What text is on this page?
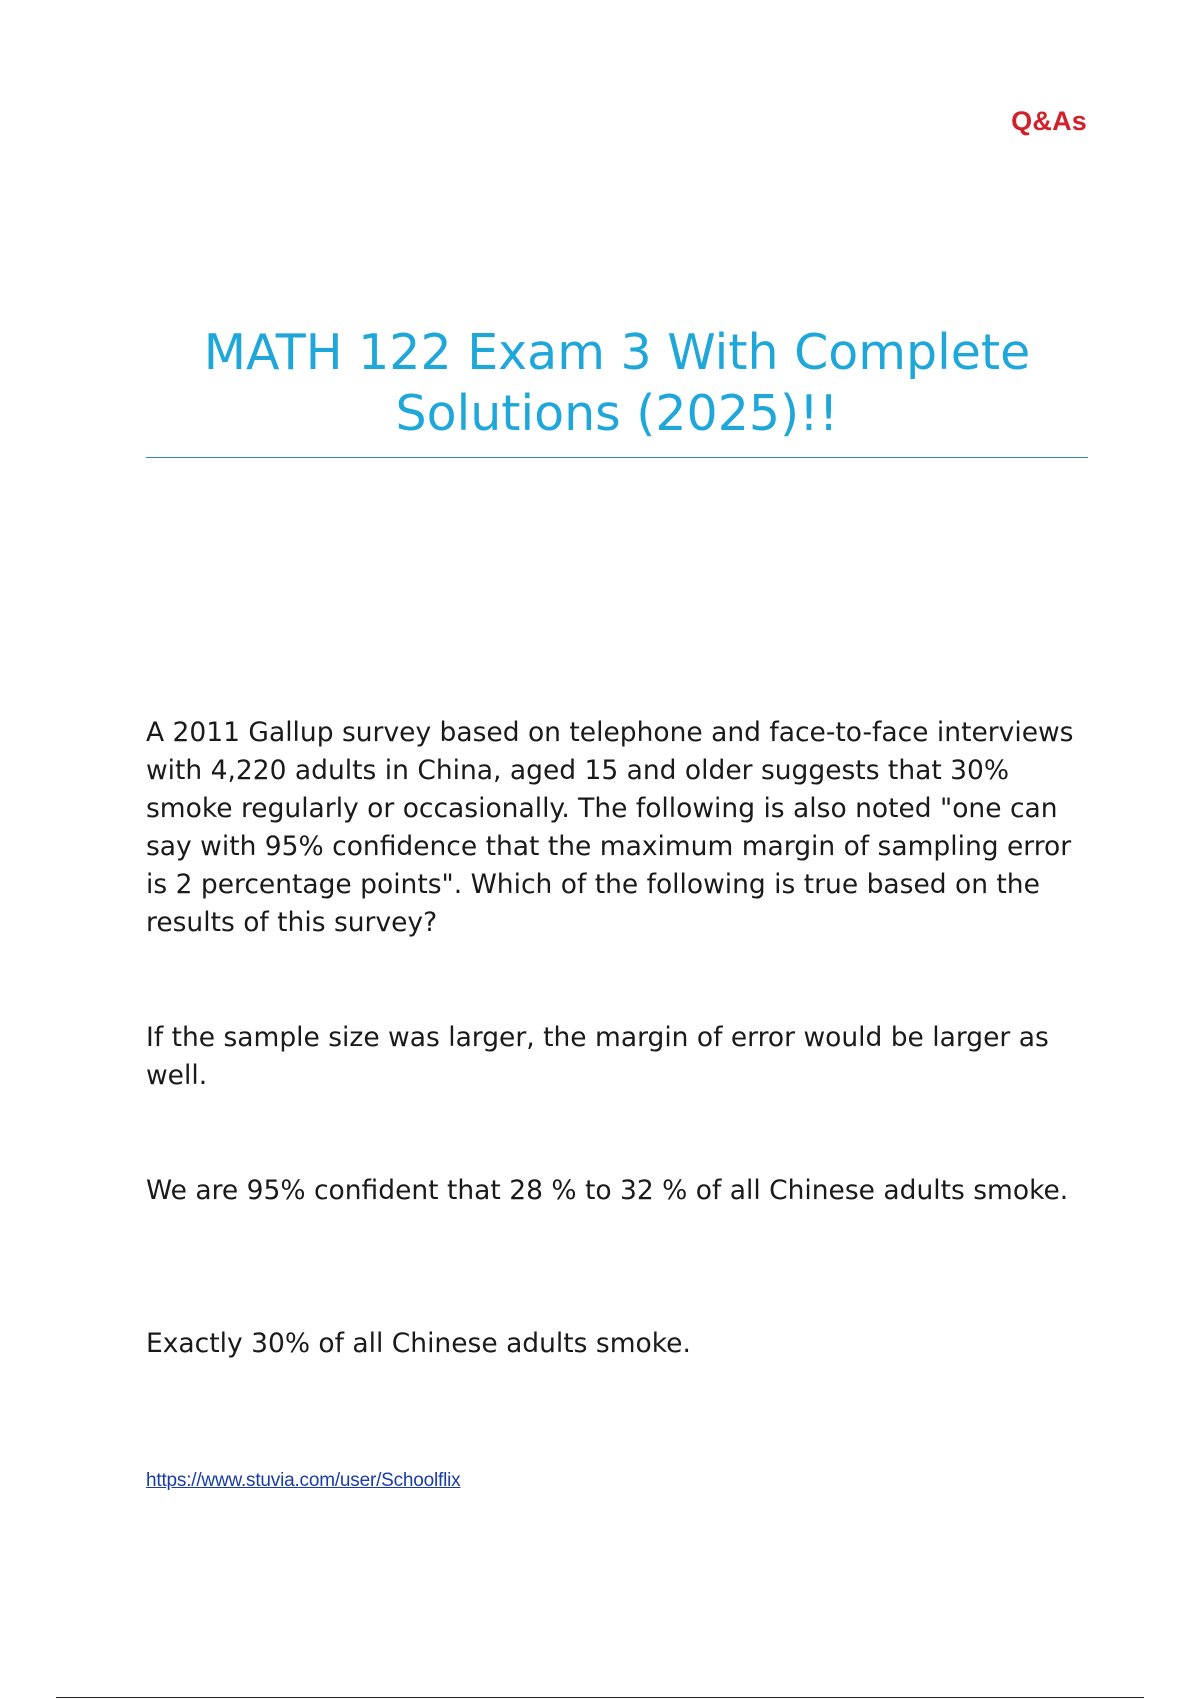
Q&As
MATH 122 Exam 3 With Complete Solutions (2025)!!

A 2011 Gallup survey based on telephone and face-to-face interviews with 4,220 adults in China, aged 15 and older suggests that 30% smoke regularly or occasionally. The following is also noted "one can say with 95% confidence that the maximum margin of sampling error is 2 percentage points". Which of the following is true based on the results of this survey?

If the sample size was larger, the margin of error would be larger as well.

We are 95% confident that 28 % to 32 % of all Chinese adults smoke.

Exactly 30% of all Chinese adults smoke.

https://www.stuvia.com/user/Schoolflix
